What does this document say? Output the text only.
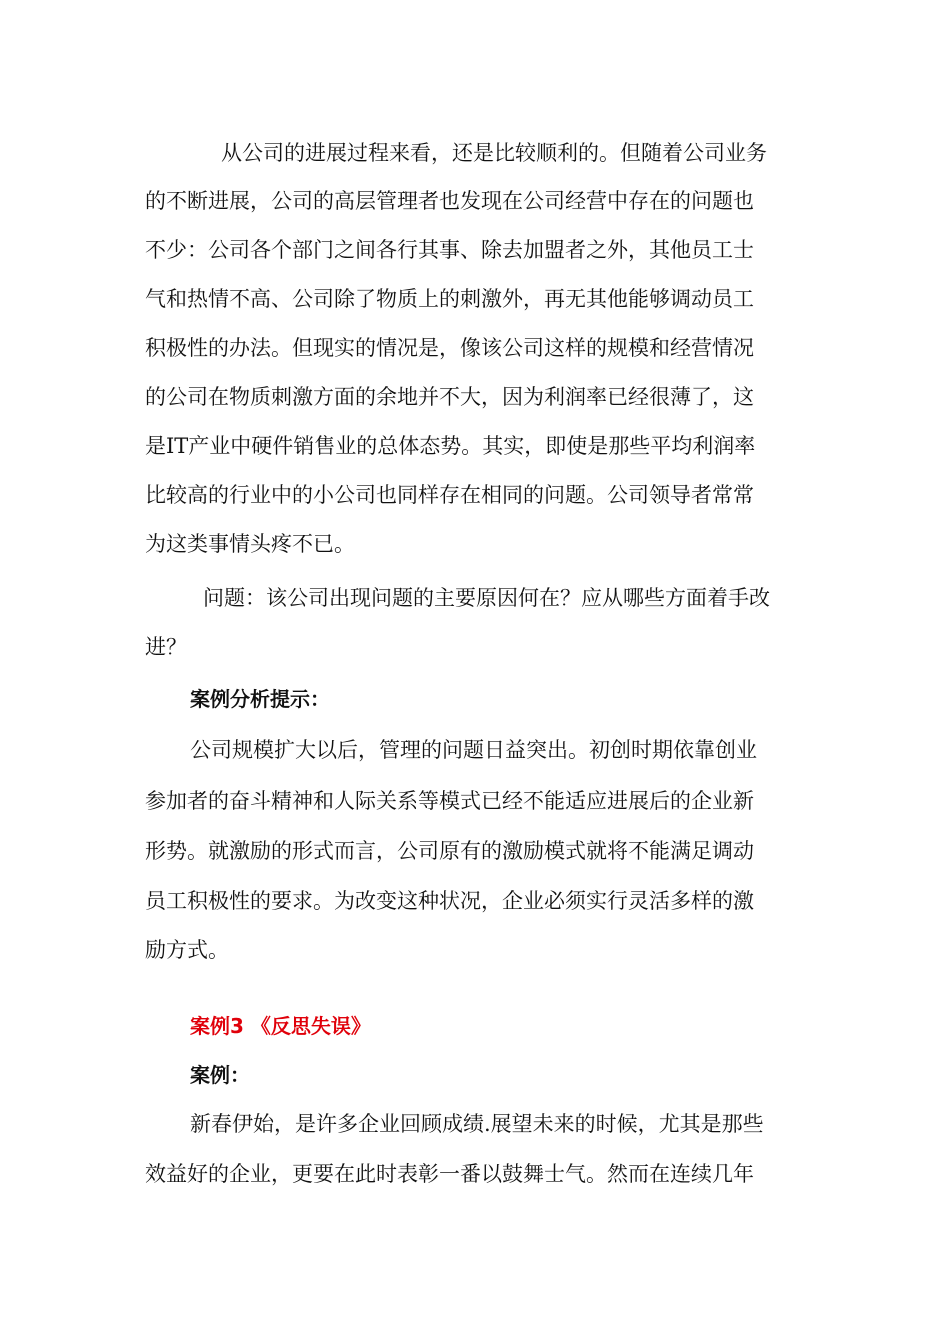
从公司的进展过程来看，还是比较顺利的。但随着公司业务
的不断进展，公司的高层管理者也发现在公司经营中存在的问题也
不少：公司各个部门之间各行其事、除去加盟者之外，其他员工士
气和热情不高、公司除了物质上的刺激外，再无其他能够调动员工
积极性的办法。但现实的情况是，像该公司这样的规模和经营情况
的公司在物质刺激方面的余地并不大，因为利润率已经很薄了，这
是IT产业中硬件销售业的总体态势。其实，即使是那些平均利润率
比较高的行业中的小公司也同样存在相同的问题。公司领导者常常
为这类事情头疼不已。
问题：该公司出现问题的主要原因何在？应从哪些方面着手改
进？
案例分析提示：
公司规模扩大以后，管理的问题日益突出。初创时期依靠创业
参加者的奋斗精神和人际关系等模式已经不能适应进展后的企业新
形势。就激励的形式而言，公司原有的激励模式就将不能满足调动
员工积极性的要求。为改变这种状况，企业必须实行灵活多样的激
励方式。
案例3 《反思失误》
案例：
新春伊始，是许多企业回顾成绩.展望未来的时候，尤其是那些
效益好的企业，更要在此时表彰一番以鼓舞士气。然而在连续几年
